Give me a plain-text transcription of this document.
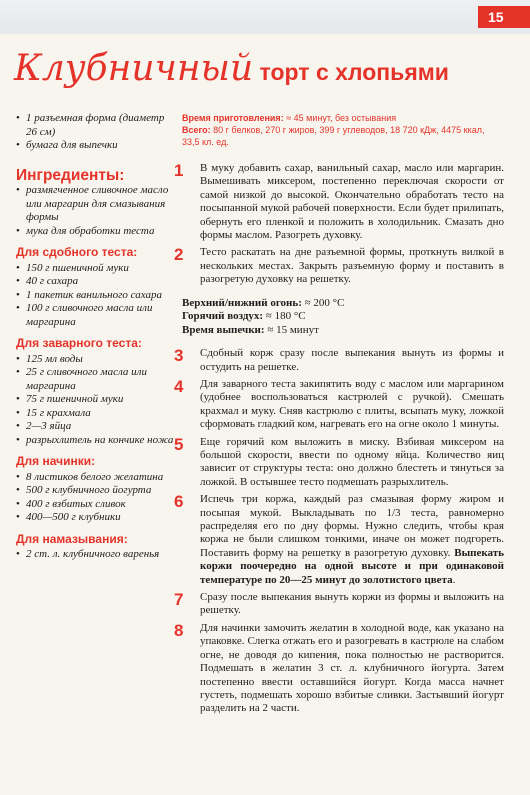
15
Клубничный торт с хлопьями
• 1 разъемная форма (диаметр 26 см)
• бумага для выпечки
Ингредиенты:
• размягченное сливочное масло или маргарин для смазывания формы
• мука для обработки теста
Для сдобного теста:
• 150 г пшеничной муки
• 40 г сахара
• 1 пакетик ванильного сахара
• 100 г сливочного масла или маргарина
Для заварного теста:
• 125 мл воды
• 25 г сливочного масла или маргарина
• 75 г пшеничной муки
• 15 г крахмала
• 2—3 яйца
• разрыхлитель на кончике ножа
Для начинки:
• 8 листиков белого желатина
• 500 г клубничного йогурта
• 400 г взбитых сливок
• 400—500 г клубники
Для намазывания:
• 2 ст. л. клубничного варенья
Время приготовления: ≈ 45 минут, без остывания
Всего: 80 г белков, 270 г жиров, 399 г углеводов, 18 720 кДж, 4475 ккал, 33,5 кл. ед.
1 В муку добавить сахар, ванильный сахар, масло или маргарин. Вымешивать миксером, постепенно переключая скорости от самой низкой до высокой. Окончательно обработать тесто на посыпанной мукой рабочей поверхности. Если будет прилипать, обернуть его пленкой и положить в холодильник. Смазать дно формы маслом. Разогреть духовку.
2 Тесто раскатать на дне разъемной формы, проткнуть вилкой в нескольких местах. Закрыть разъемную форму и поставить в разогретую духовку на решетку.
Верхний/нижний огонь: ≈ 200 °C
Горячий воздух: ≈ 180 °C
Время выпечки: ≈ 15 минут
3 Сдобный корж сразу после выпекания вынуть из формы и остудить на решетке.
4 Для заварного теста закипятить воду с маслом или маргарином (удобнее воспользоваться кастрюлей с ручкой). Смешать крахмал и муку. Сняв кастрюлю с плиты, всыпать муку, ложкой сформовать гладкий ком, нагревать его на огне около 1 минуты.
5 Еще горячий ком выложить в миску. Взбивая миксером на большой скорости, ввести по одному яйца. Количество яиц зависит от структуры теста: оно должно блестеть и тянуться за ложкой. В остывшее тесто подмешать разрыхлитель.
6 Испечь три коржа, каждый раз смазывая форму жиром и посыпая мукой. Выкладывать по 1/3 теста, равномерно распределяя его по дну формы. Нужно следить, чтобы края коржа не были слишком тонкими, иначе он может подгореть. Поставить форму на решетку в разогретую духовку. Выпекать коржи поочередно на одной высоте и при одинаковой температуре по 20—25 минут до золотистого цвета.
7 Сразу после выпекания вынуть коржи из формы и выложить на решетку.
8 Для начинки замочить желатин в холодной воде, как указано на упаковке. Слегка отжать его и разогревать в кастрюле на слабом огне, не доводя до кипения, пока полностью не растворится. Подмешать в желатин 3 ст. л. клубничного йогурта. Затем постепенно ввести оставшийся йогурт. Когда масса начнет густеть, подмешать хорошо взбитые сливки. Застывший йогурт разделить на 2 части.
